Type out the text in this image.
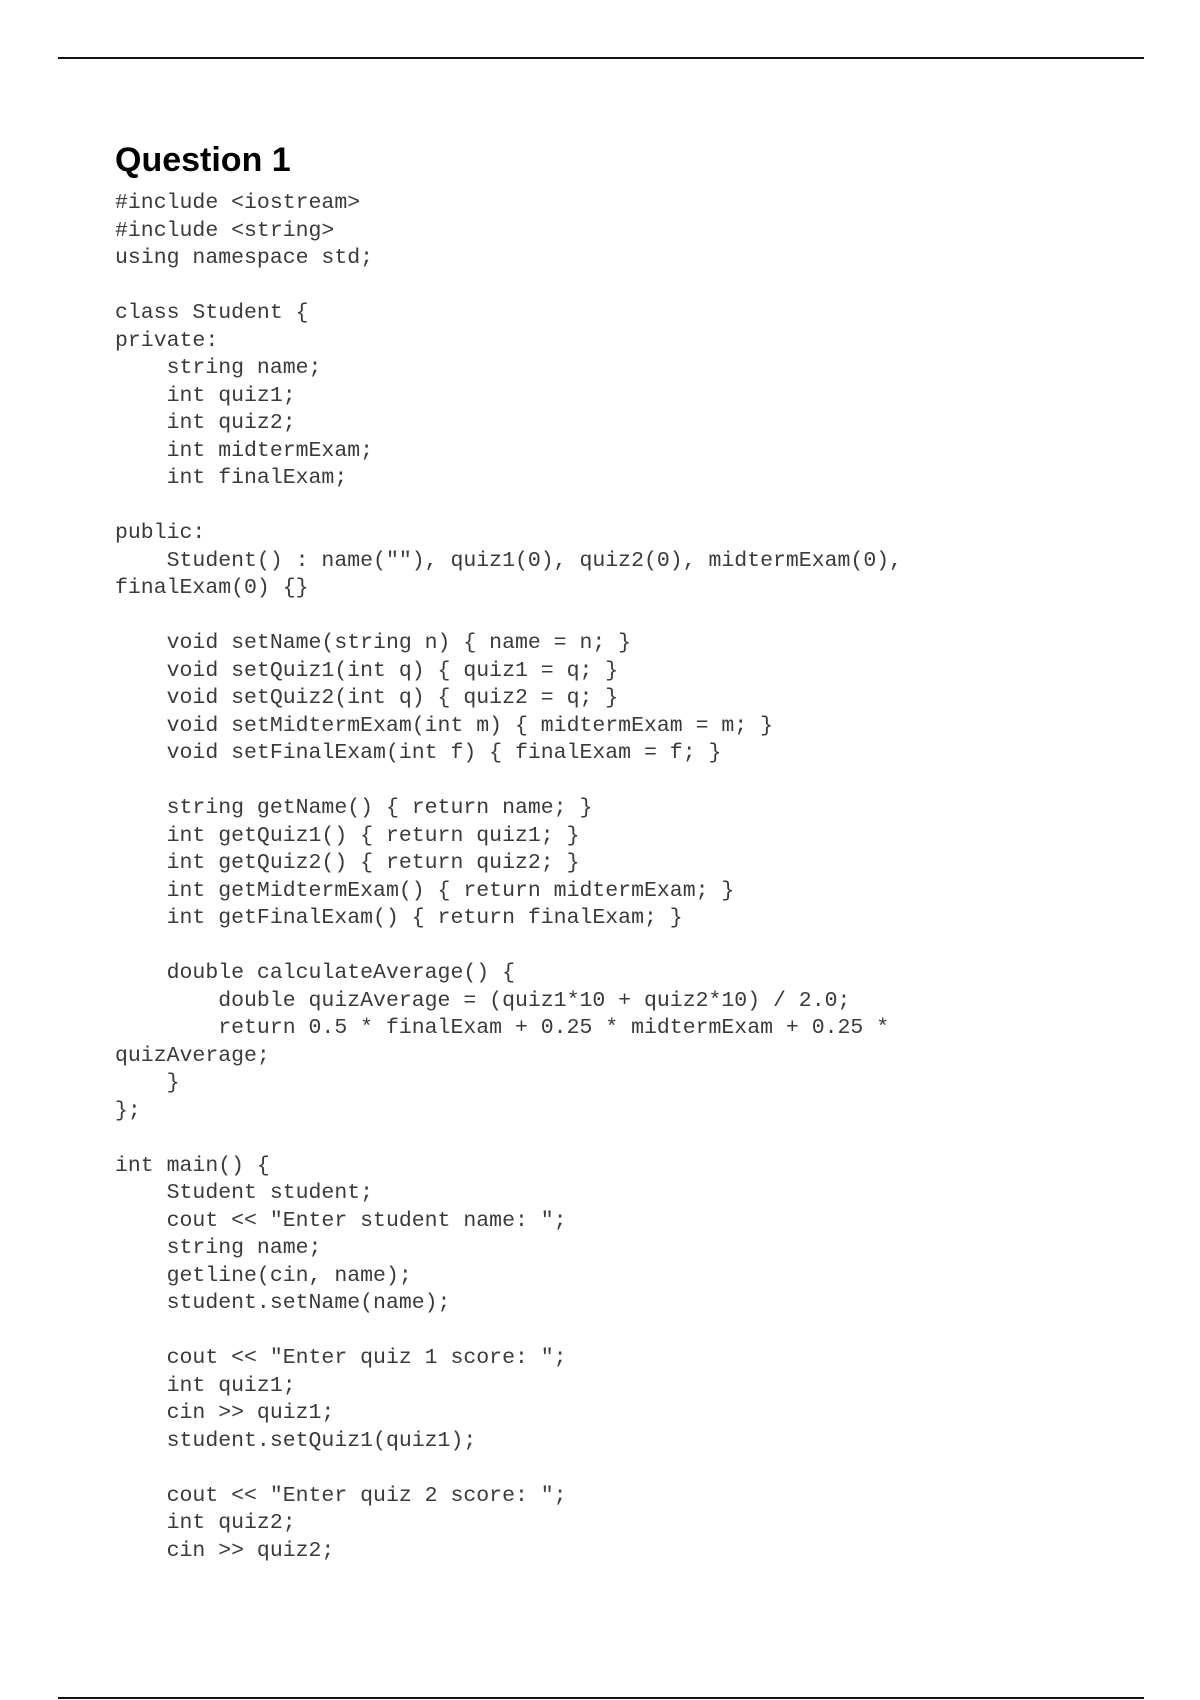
Question 1
#include <iostream>
#include <string>
using namespace std;
class Student {
private:
string name;
int quiz1;
int quiz2;
int midtermExam;
int finalExam;
public:
Student() : name(""), quiz1(0), quiz2(0), midtermExam(0),
finalExam(0) {}
void setName(string n) { name = n; }
void setQuiz1(int q) { quiz1 = q; }
void setQuiz2(int q) { quiz2 = q; }
void setMidtermExam(int m) { midtermExam = m; }
void setFinalExam(int f) { finalExam = f; }
string getName() { return name; }
int getQuiz1() { return quiz1; }
int getQuiz2() { return quiz2; }
int getMidtermExam() { return midtermExam; }
int getFinalExam() { return finalExam; }
double calculateAverage() {
double quizAverage = (quiz1*10 + quiz2*10) / 2.0;
return 0.5 * finalExam + 0.25 * midtermExam + 0.25 *
quizAverage;
}
};
int main() {
Student student;
cout << "Enter student name: ";
string name;
getline(cin, name);
student.setName(name);
cout << "Enter quiz 1 score: ";
int quiz1;
cin >> quiz1;
student.setQuiz1(quiz1);
cout << "Enter quiz 2 score: ";
int quiz2;
cin >> quiz2;
